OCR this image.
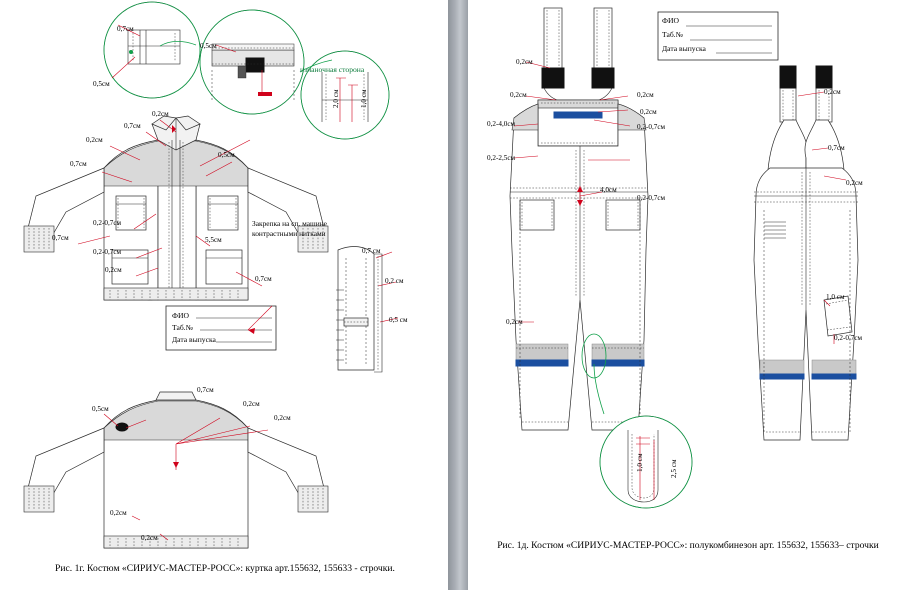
0,7см
0,5см
0,5см
2,0 см	1,0 см
0,2см
0,7см
0,2см
0,5см
0,7см
0,2-0,7см
0,7см	5,5см
0,2-0,7см
0,2см
0,7см
0,7 см
0,2 см
0,5 см
0,7см
0,5см
0,2см
0,2см
0,2см
0,2см
изнаночная сторона
Закрепка на сп. машине
контрастными нитками
ФИО
Таб.№
Дата выпуска
Рис. 1г. Костюм «СИРИУС-МАСТЕР-РОСС»: куртка арт.155632, 155633 - строчки.
0,2см
0,2см
0,2см	0,2см
0,2-4,0см
0,2см
0,2-0,7см
0,7см
0,2-2,5см
0,2см
4,0см
0,2-0,7см
0,2см
1,0 см
0,2-0,7см
1,0 см	2,5 см
ФИО
Таб.№
Дата выпуска
Рис. 1д. Костюм «СИРИУС-МАСТЕР-РОСС»: полукомбинезон арт. 155632, 155633– строчки
